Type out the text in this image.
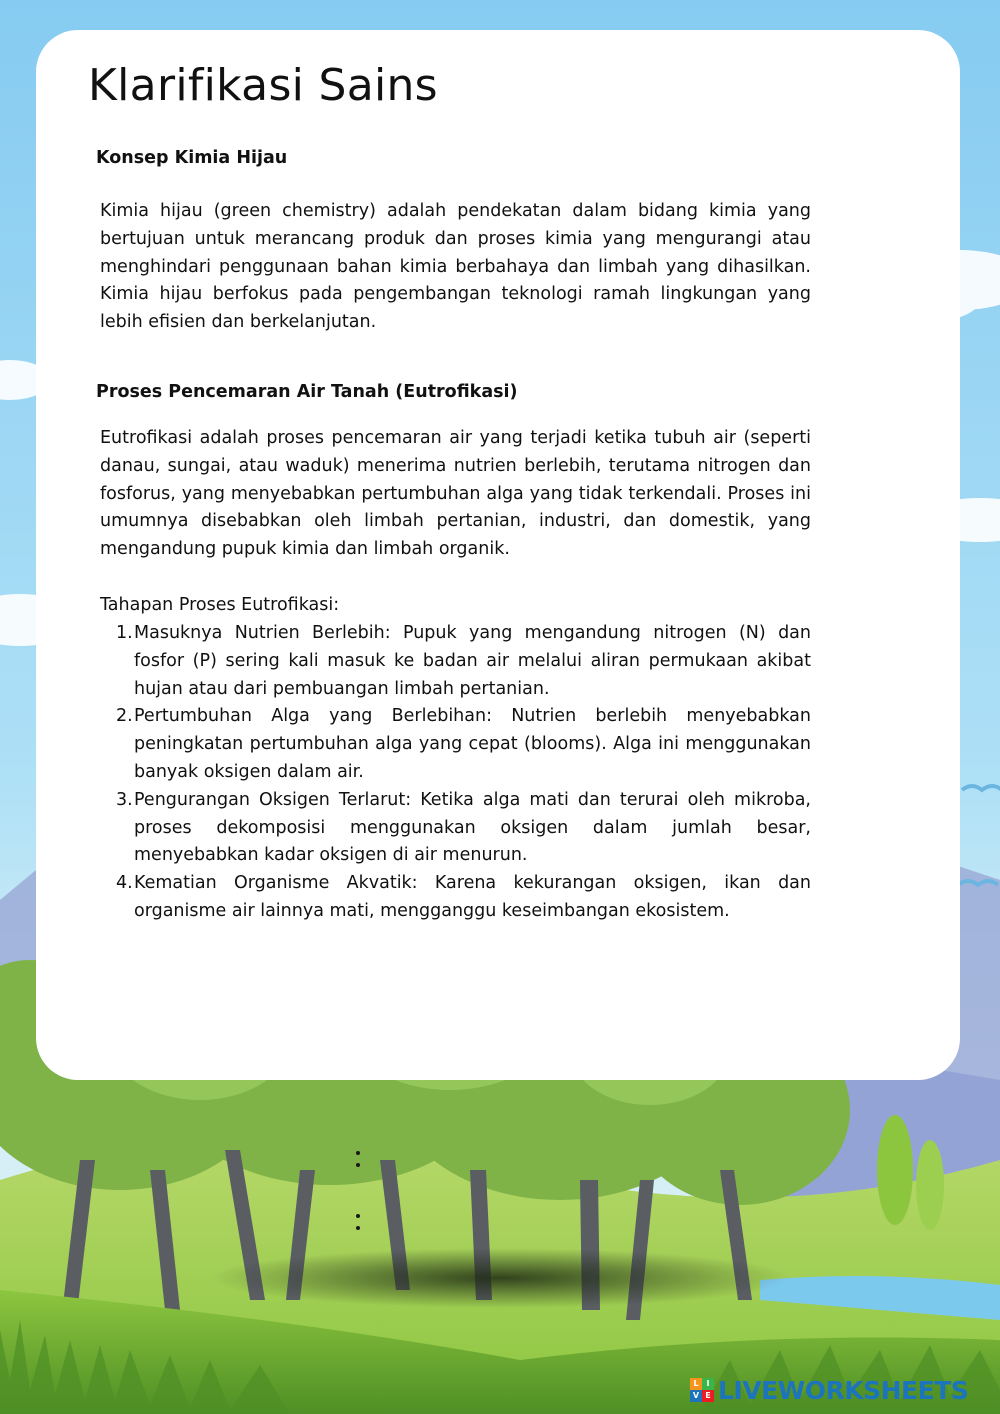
Klarifikasi Sains
Konsep Kimia Hijau

Kimia hijau (green chemistry) adalah pendekatan dalam bidang kimia yang bertujuan untuk merancang produk dan proses kimia yang mengurangi atau menghindari penggunaan bahan kimia berbahaya dan limbah yang dihasilkan. Kimia hijau berfokus pada pengembangan teknologi ramah lingkungan yang lebih efisien dan berkelanjutan.

Proses Pencemaran Air Tanah (Eutrofikasi)

Eutrofikasi adalah proses pencemaran air yang terjadi ketika tubuh air (seperti danau, sungai, atau waduk) menerima nutrien berlebih, terutama nitrogen dan fosforus, yang menyebabkan pertumbuhan alga yang tidak terkendali. Proses ini umumnya disebabkan oleh limbah pertanian, industri, dan domestik, yang mengandung pupuk kimia dan limbah organik.

Tahapan Proses Eutrofikasi:

1. Masuknya Nutrien Berlebih: Pupuk yang mengandung nitrogen (N) dan fosfor (P) sering kali masuk ke badan air melalui aliran permukaan akibat hujan atau dari pembuangan limbah pertanian.
2. Pertumbuhan Alga yang Berlebihan: Nutrien berlebih menyebabkan peningkatan pertumbuhan alga yang cepat (blooms). Alga ini menggunakan banyak oksigen dalam air.
3. Pengurangan Oksigen Terlarut: Ketika alga mati dan terurai oleh mikroba, proses dekomposisi menggunakan oksigen dalam jumlah besar, menyebabkan kadar oksigen di air menurun.
4. Kematian Organisme Akvatik: Karena kekurangan oksigen, ikan dan organisme air lainnya mati, mengganggu keseimbangan ekosistem.
L I
V E LIVEWORKSHEETS
